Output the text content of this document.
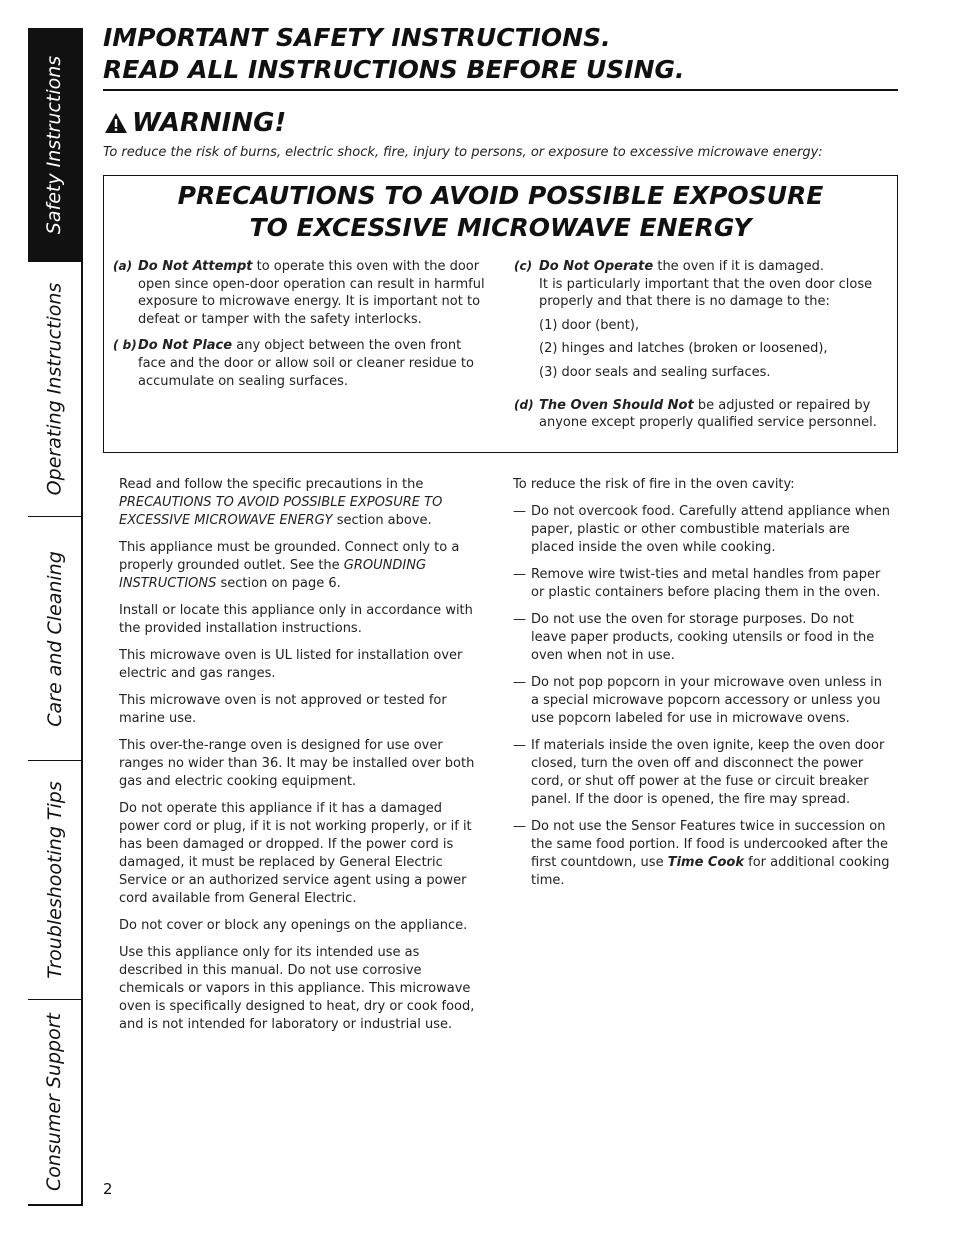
Safety Instructions
Operating Instructions
Care and Cleaning
Troubleshooting Tips
Consumer Support
IMPORTANT SAFETY INSTRUCTIONS.
READ ALL INSTRUCTIONS BEFORE USING.
WARNING!
To reduce the risk of burns, electric shock, fire, injury to persons, or exposure to excessive microwave energy:
PRECAUTIONS TO AVOID POSSIBLE EXPOSURE
TO EXCESSIVE MICROWAVE ENERGY
(a) Do Not Attempt to operate this oven with the door open since open-door operation can result in harmful exposure to microwave energy. It is important not to defeat or tamper with the safety interlocks.
( b) Do Not Place any object between the oven front face and the door or allow soil or cleaner residue to accumulate on sealing surfaces.
(c) Do Not Operate the oven if it is damaged.
It is particularly important that the oven door close properly and that there is no damage to the:
(1) door (bent),
(2) hinges and latches (broken or loosened),
(3) door seals and sealing surfaces.
(d) The Oven Should Not be adjusted or repaired by anyone except properly qualified service personnel.

Read and follow the specific precautions in the PRECAUTIONS TO AVOID POSSIBLE EXPOSURE TO EXCESSIVE MICROWAVE ENERGY section above.

This appliance must be grounded. Connect only to a properly grounded outlet. See the GROUNDING INSTRUCTIONS section on page 6.

Install or locate this appliance only in accordance with the provided installation instructions.

This microwave oven is UL listed for installation over electric and gas ranges.

This microwave oven is not approved or tested for marine use.

This over-the-range oven is designed for use over ranges no wider than 36. It may be installed over both gas and electric cooking equipment.

Do not operate this appliance if it has a damaged power cord or plug, if it is not working properly, or if it has been damaged or dropped. If the power cord is damaged, it must be replaced by General Electric Service or an authorized service agent using a power cord available from General Electric.

Do not cover or block any openings on the appliance.

Use this appliance only for its intended use as described in this manual. Do not use corrosive chemicals or vapors in this appliance. This microwave oven is specifically designed to heat, dry or cook food, and is not intended for laboratory or industrial use.

To reduce the risk of fire in the oven cavity:

— Do not overcook food. Carefully attend appliance when paper, plastic or other combustible materials are placed inside the oven while cooking.
— Remove wire twist-ties and metal handles from paper or plastic containers before placing them in the oven.
— Do not use the oven for storage purposes. Do not leave paper products, cooking utensils or food in the oven when not in use.
— Do not pop popcorn in your microwave oven unless in a special microwave popcorn accessory or unless you use popcorn labeled for use in microwave ovens.
— If materials inside the oven ignite, keep the oven door closed, turn the oven off and disconnect the power cord, or shut off power at the fuse or circuit breaker panel. If the door is opened, the fire may spread.
— Do not use the Sensor Features twice in succession on the same food portion. If food is undercooked after the first countdown, use Time Cook for additional cooking time.
2
